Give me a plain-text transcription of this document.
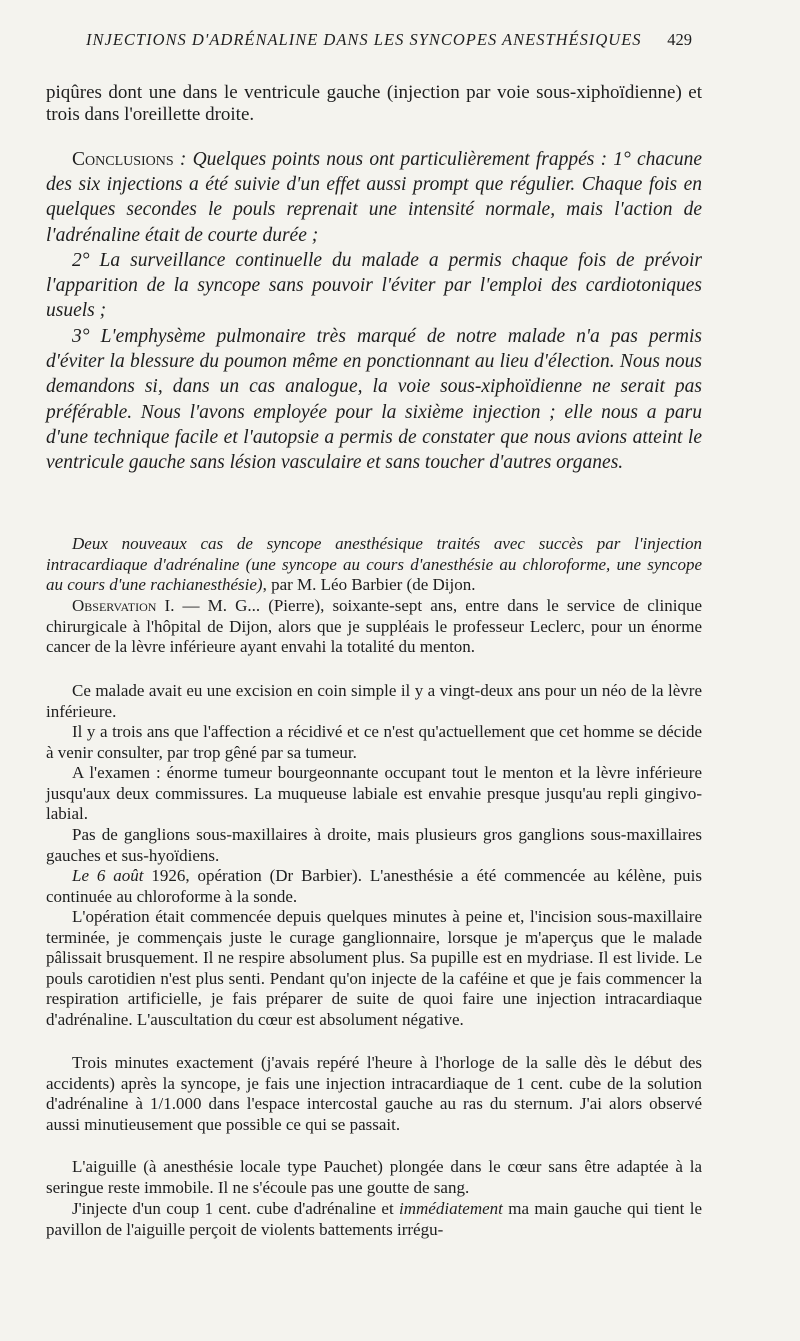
INJECTIONS D'ADRÉNALINE DANS LES SYNCOPES ANESTHÉSIQUES 429

piqûres dont une dans le ventricule gauche (injection par voie sous-xiphoïdienne) et trois dans l'oreillette droite.

Conclusions : Quelques points nous ont particulièrement frappés : 1° chacune des six injections a été suivie d'un effet aussi prompt que régulier. Chaque fois en quelques secondes le pouls reprenait une intensité normale, mais l'action de l'adrénaline était de courte durée ;

2° La surveillance continuelle du malade a permis chaque fois de prévoir l'apparition de la syncope sans pouvoir l'éviter par l'emploi des cardiotoniques usuels ;

3° L'emphysème pulmonaire très marqué de notre malade n'a pas permis d'éviter la blessure du poumon même en ponctionnant au lieu d'élection. Nous nous demandons si, dans un cas analogue, la voie sous-xiphoïdienne ne serait pas préférable. Nous l'avons employée pour la sixième injection ; elle nous a paru d'une technique facile et l'autopsie a permis de constater que nous avions atteint le ventricule gauche sans lésion vasculaire et sans toucher d'autres organes.

Deux nouveaux cas de syncope anesthésique traités avec succès par l'injection intracardiaque d'adrénaline (une syncope au cours d'anesthésie au chloroforme, une syncope au cours d'une rachianesthésie), par M. Léo Barbier (de Dijon.

Observation I. — M. G... (Pierre), soixante-sept ans, entre dans le service de clinique chirurgicale à l'hôpital de Dijon, alors que je suppléais le professeur Leclerc, pour un énorme cancer de la lèvre inférieure ayant envahi la totalité du menton.

Ce malade avait eu une excision en coin simple il y a vingt-deux ans pour un néo de la lèvre inférieure.

Il y a trois ans que l'affection a récidivé et ce n'est qu'actuellement que cet homme se décide à venir consulter, par trop gêné par sa tumeur.

A l'examen : énorme tumeur bourgeonnante occupant tout le menton et la lèvre inférieure jusqu'aux deux commissures. La muqueuse labiale est envahie presque jusqu'au repli gingivo-labial.

Pas de ganglions sous-maxillaires à droite, mais plusieurs gros ganglions sous-maxillaires gauches et sus-hyoïdiens.

Le 6 août 1926, opération (Dr Barbier). L'anesthésie a été commencée au kélène, puis continuée au chloroforme à la sonde.

L'opération était commencée depuis quelques minutes à peine et, l'incision sous-maxillaire terminée, je commençais juste le curage ganglionnaire, lorsque je m'aperçus que le malade pâlissait brusquement. Il ne respire absolument plus. Sa pupille est en mydriase. Il est livide. Le pouls carotidien n'est plus senti. Pendant qu'on injecte de la caféine et que je fais commencer la respiration artificielle, je fais préparer de suite de quoi faire une injection intracardiaque d'adrénaline. L'auscultation du cœur est absolument négative.

Trois minutes exactement (j'avais repéré l'heure à l'horloge de la salle dès le début des accidents) après la syncope, je fais une injection intracardiaque de 1 cent. cube de la solution d'adrénaline à 1/1.000 dans l'espace intercostal gauche au ras du sternum. J'ai alors observé aussi minutieusement que possible ce qui se passait.

L'aiguille (à anesthésie locale type Pauchet) plongée dans le cœur sans être adaptée à la seringue reste immobile. Il ne s'écoule pas une goutte de sang.

J'injecte d'un coup 1 cent. cube d'adrénaline et immédiatement ma main gauche qui tient le pavillon de l'aiguille perçoit de violents battements irrégu-
